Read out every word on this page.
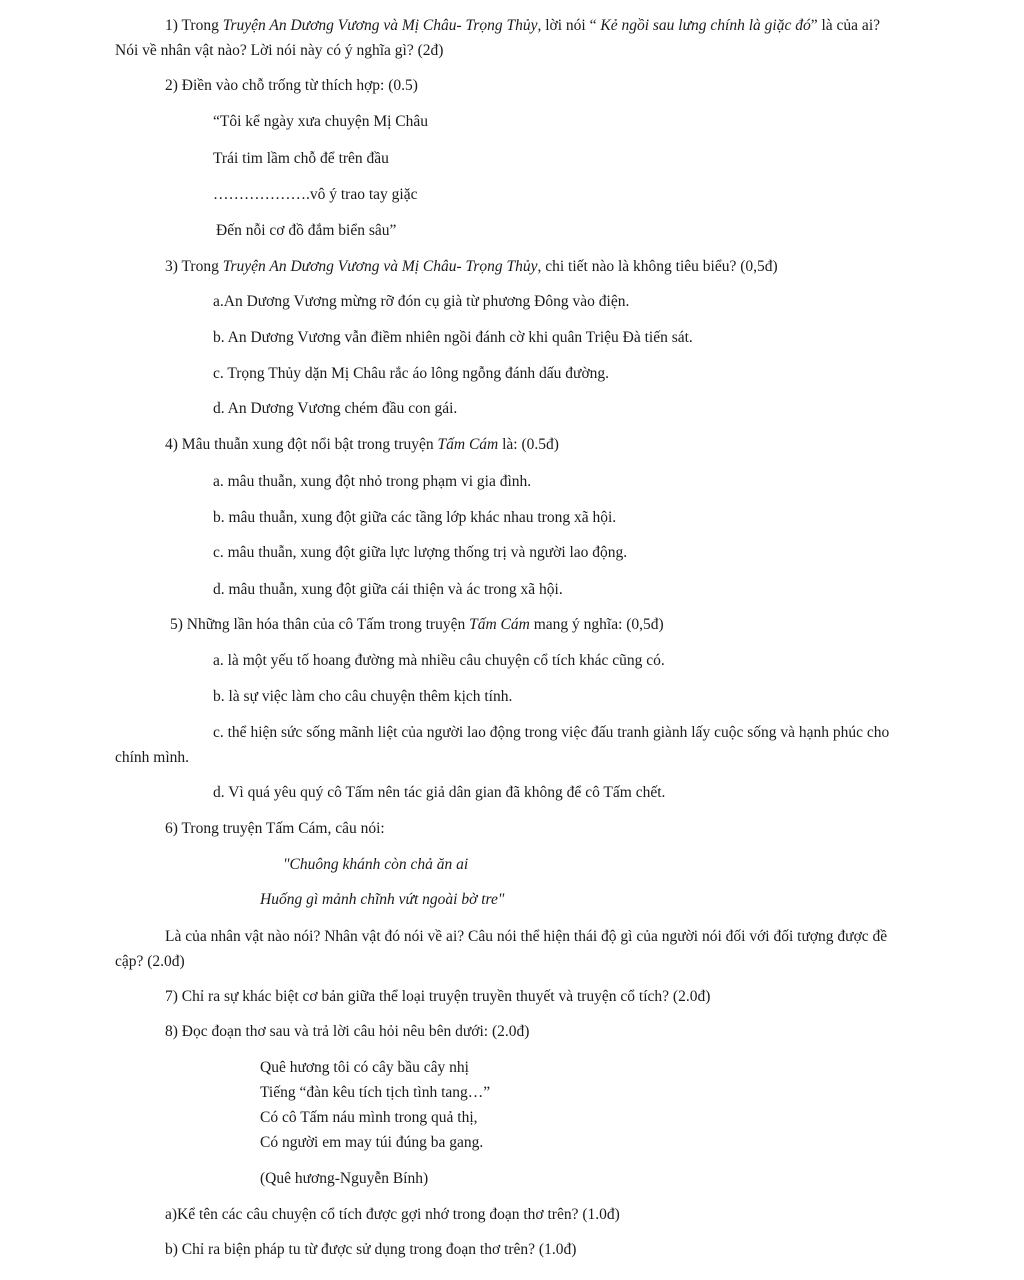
1) Trong Truyện An Dương Vương và Mị Châu- Trọng Thủy, lời nói “ Kẻ ngồi sau lưng chính là giặc đó” là của ai?
Nói về nhân vật nào? Lời nói này có ý nghĩa gì? (2đ)
2) Điền vào chỗ trống từ thích hợp: (0.5)
“Tôi kể ngày xưa chuyện Mị Châu
Trái tim lầm chỗ để trên đầu
……………….vô ý trao tay giặc
Đến nỗi cơ đồ đắm biển sâu”
3) Trong Truyện An Dương Vương và Mị Châu- Trọng Thủy, chi tiết nào là không tiêu biểu? (0,5đ)
a.An Dương Vương mừng rỡ đón cụ già từ phương Đông vào điện.
b. An Dương Vương vẫn điềm nhiên ngồi đánh cờ khi quân Triệu Đà tiến sát.
c. Trọng Thủy dặn Mị Châu rắc áo lông ngỗng đánh dấu đường.
d. An Dương Vương chém đầu con gái.
4) Mâu thuẫn xung đột nổi bật trong truyện Tấm Cám là: (0.5đ)
a. mâu thuẫn, xung đột nhỏ trong phạm vi gia đình.
b. mâu thuẫn, xung đột giữa các tầng lớp khác nhau trong xã hội.
c. mâu thuẫn, xung đột giữa lực lượng thống trị và người lao động.
d. mâu thuẫn, xung đột giữa cái thiện và ác trong xã hội.
5) Những lần hóa thân của cô Tấm trong truyện Tấm Cám mang ý nghĩa: (0,5đ)
a. là một yếu tố hoang đường mà nhiều câu chuyện cổ tích khác cũng có.
b. là sự việc làm cho câu chuyện thêm kịch tính.
c. thể hiện sức sống mãnh liệt của người lao động trong việc đấu tranh giành lấy cuộc sống và hạnh phúc cho
chính mình.
d. Vì quá yêu quý cô Tấm nên tác giả dân gian đã không để cô Tấm chết.
6) Trong truyện Tấm Cám, câu nói:
"Chuông khánh còn chả ăn ai
Huống gì mảnh chĩnh vứt ngoài bờ tre"
Là của nhân vật nào nói? Nhân vật đó nói về ai? Câu nói thể hiện thái độ gì của người nói đối với đối tượng được đề
cập? (2.0đ)
7) Chỉ ra sự khác biệt cơ bản giữa thể loại truyện truyền thuyết và truyện cổ tích? (2.0đ)
8) Đọc đoạn thơ sau và trả lời câu hỏi nêu bên dưới: (2.0đ)
Quê hương tôi có cây bầu cây nhị
Tiếng “đàn kêu tích tịch tình tang…”
Có cô Tấm náu mình trong quả thị,
Có người em may túi đúng ba gang.
(Quê hương-Nguyễn Bính)
a)Kể tên các câu chuyện cổ tích được gợi nhớ trong đoạn thơ trên? (1.0đ)
b) Chỉ ra biện pháp tu từ được sử dụng trong đoạn thơ trên? (1.0đ)
